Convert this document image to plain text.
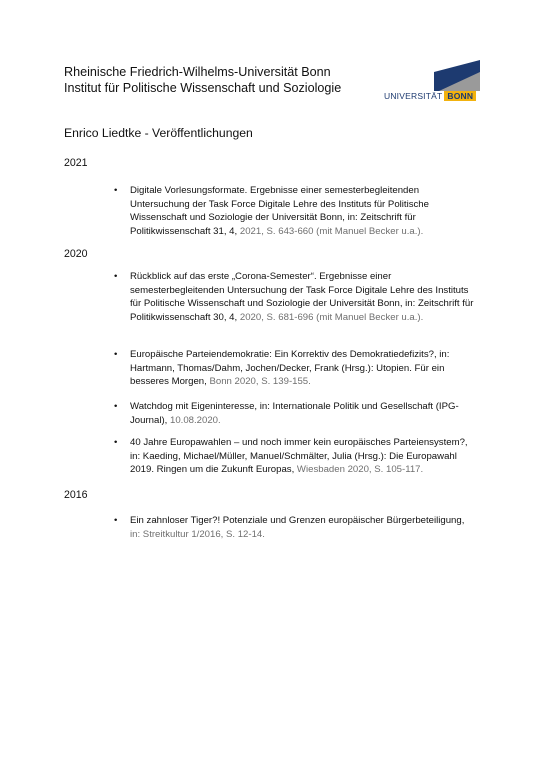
Rheinische Friedrich-Wilhelms-Universität Bonn
Institut für Politische Wissenschaft und Soziologie
UNIVERSITÄT BONN
Enrico Liedtke - Veröffentlichungen
2021
• Digitale Vorlesungsformate. Ergebnisse einer semesterbegleitenden Untersuchung der Task Force Digitale Lehre des Instituts für Politische Wissenschaft und Soziologie der Universität Bonn, in: Zeitschrift für Politikwissenschaft 31, 4, 2021, S. 643-660 (mit Manuel Becker u.a.).
2020
• Rückblick auf das erste „Corona-Semester“. Ergebnisse einer semesterbegleitenden Untersuchung der Task Force Digitale Lehre des Instituts für Politische Wissenschaft und Soziologie der Universität Bonn, in: Zeitschrift für Politikwissenschaft 30, 4, 2020, S. 681-696 (mit Manuel Becker u.a.).
• Europäische Parteiendemokratie: Ein Korrektiv des Demokratiedefizits?, in: Hartmann, Thomas/Dahm, Jochen/Decker, Frank (Hrsg.): Utopien. Für ein besseres Morgen, Bonn 2020, S. 139-155.
• Watchdog mit Eigeninteresse, in: Internationale Politik und Gesellschaft (IPG-Journal), 10.08.2020.
• 40 Jahre Europawahlen – und noch immer kein europäisches Parteiensystem?, in: Kaeding, Michael/Müller, Manuel/Schmälter, Julia (Hrsg.): Die Europawahl 2019. Ringen um die Zukunft Europas, Wiesbaden 2020, S. 105-117.
2016
• Ein zahnloser Tiger?! Potenziale und Grenzen europäischer Bürgerbeteiligung,
in: Streitkultur 1/2016, S. 12-14.
